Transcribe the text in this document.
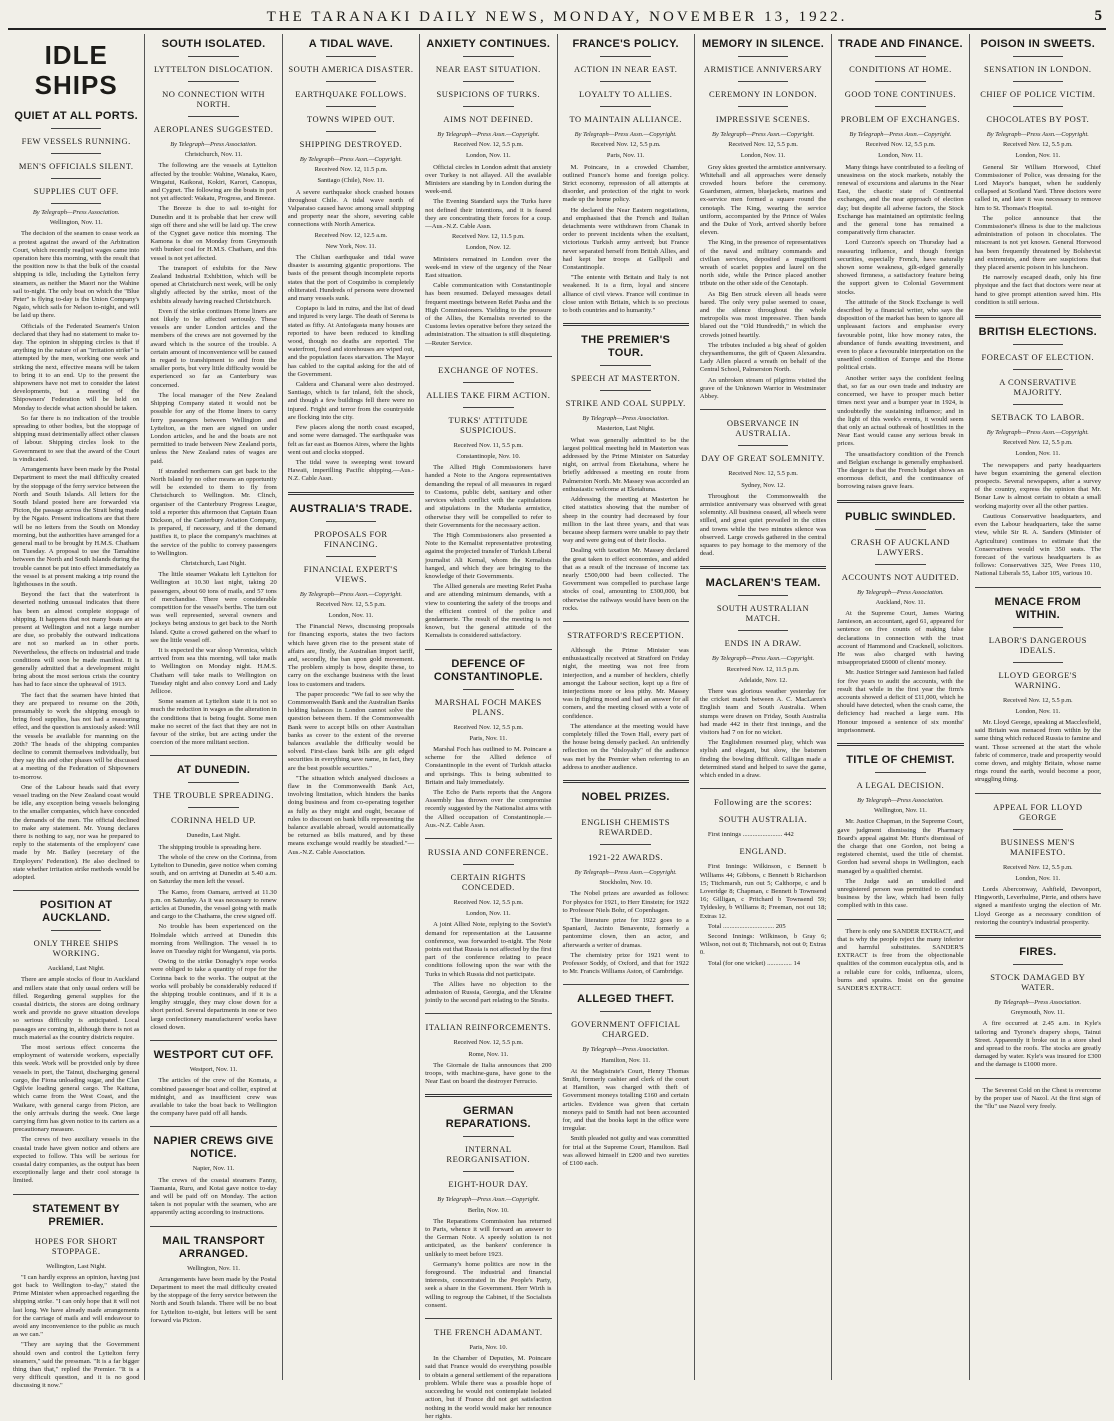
THE TARANAKI DAILY NEWS, MONDAY, NOVEMBER 13, 1922.	5
IDLE SHIPS
QUIET AT ALL PORTS.
FEW VESSELS RUNNING.
MEN'S OFFICIALS SILENT.
SUPPLIES CUT OFF.
By Telegraph—Press Association.
Wellington, Nov. 11.
The decision of the seamen to cease work as a protest against the award of the Arbitration Court, which recently readjust wages came into operation here this morning, with the result that the position now is that the bulk of the coastal shipping is idle, including the Lyttelton ferry steamers, as neither the Maori nor the Wahine sail to-night. The only boat on which the "Blue Peter" is flying to-day is the Union Company's Ngaio, which sails for Nelson to-night, and will be laid up there.
Officials of the Federated Seamen's Union declared that they had no statement to make to-day. The opinion in shipping circles is that if anything in the nature of an "irritation strike" is attempted by the men, working one week and striking the next, effective means will be taken to bring it to an end. Up to the present the shipowners have not met to consider the latest developments, but a meeting of the Shipowners' Federation will be held on Monday to decide what action should be taken.
So far there is no indication of the trouble spreading to other bodies, but the stoppage of shipping must detrimentally affect other classes of labour. Shipping circles look to the Government to see that the award of the Court is vindicated.
Arrangements have been made by the Postal Department to meet the mail difficulty created by the stoppage of the ferry service between the North and South Islands. All letters for the South Island posted here are forwarded via Picton, the passage across the Strait being made by the Ngaio. Present indications are that there will be no letters from the South on Monday morning, but the authorities have arranged for a general mail to be brought by H.M.S. Chatham on Tuesday. A proposal to use the Tamahine between the North and South Islands during the trouble cannot be put into effect immediately as the vessel is at present making a trip round the lighthouses in the south.
Beyond the fact that the waterfront is deserted nothing unusual indicates that there has been an almost complete stoppage of shipping. It happens that not many boats are at present at Wellington and not a large number are due, so probably the outward indications are not so marked as in other ports. Nevertheless, the effects on industrial and trade conditions will soon be made manifest. It is generally admitted that a development might bring about the most serious crisis the country has had to face since the upheaval of 1913.
The fact that the seamen have hinted that they are prepared to resume on the 20th, presumably to work the shipping enough to bring food supplies, has not had a reassuring effect, and the question is anxiously asked: Will the vessels be available for manning on the 20th? The heads of the shipping companies decline to commit themselves individually, but they say this and other phases will be discussed at a meeting of the Federation of Shipowners to-morrow.
One of the Labour heads said that every vessel trading on the New Zealand coast would be idle, any exception being vessels belonging to the smaller companies, which have conceded the demands of the men. The official declined to make any statement. Mr. Young declares there is nothing to say, nor was he prepared to reply to the statements of the employers' case made by Mr. Bailey (secretary of the Employers' Federation). He also declined to state whether irritation strike methods would be adopted.
POSITION AT AUCKLAND.
ONLY THREE SHIPS WORKING.
Auckland, Last Night.
There are ample stocks of flour in Auckland and millers state that only usual orders will be filled. Regarding general supplies for the coastal districts, the stores are doing ordinary work and provide no grave situation develops so serious difficulty is anticipated. Local passages are coming in, although there is not as much material as the country districts require.
The most serious effect concerns the employment of waterside workers, especially this week. Work will be provided only by three vessels in port, the Tainui, discharging general cargo, the Fiona unloading sugar, and the Clan Ogilvie loading general cargo. The Kaituna, which came from the West Coast, and the Waikare, with general cargo from Picton, are the only arrivals during the week. One large carrying firm has given notice to its carters as a precautionary measure.
The crews of two auxiliary vessels in the coastal trade have given notice and others are expected to follow. This will be serious for coastal dairy companies, as the output has been exceptionally large and their cool storage is limited.
STATEMENT BY PREMIER.
HOPES FOR SHORT STOPPAGE.
Wellington, Last Night.
"I can hardly express an opinion, having just got back to Wellington to-day," stated the Prime Minister when approached regarding the shipping strike. "I can only hope that it will not last long. We have already made arrangements for the carriage of mails and will endeavour to avoid any inconvenience to the public as much as we can."
"They are saying that the Government should own and control the Lyttelton ferry steamers," said the pressman. "It is a far bigger thing than that," replied the Premier. "It is a very difficult question, and it is no good discussing it now."
SOUTH ISOLATED.
LYTTELTON DISLOCATION.
NO CONNECTION WITH NORTH.
AEROPLANES SUGGESTED.
By Telegraph—Press Association.
Christchurch, Nov. 11.
The following are the vessels at Lyttelton affected by the trouble: Wahine, Wanaka, Kaeo, Wingatui, Kaikorai, Kokiri, Karori, Canopus, and Cygnet. The following are the boats in port not yet affected: Wakatu, Progress, and Breeze.
The Breeze is due to sail to-night for Dunedin and it is probable that her crew will sign off there and she will be laid up. The crew of the Cygnet gave notice this morning. The Kamona is due on Monday from Greymouth with bunker coal for H.M.S. Chatham, and this vessel is not yet affected.
The transport of exhibits for the New Zealand Industrial Exhibition, which will be opened at Christchurch next week, will be only slightly affected by the strike, most of the exhibits already having reached Christchurch.
Even if the strike continues Home liners are not likely to be affected seriously. These vessels are under London articles and the members of the crews are not governed by the award which is the source of the trouble. A certain amount of inconvenience will be caused in regard to transhipment to and from the smaller ports, but very little difficulty would be experienced so far as Canterbury was concerned.
The local manager of the New Zealand Shipping Company stated it would not be possible for any of the Home liners to carry ferry passengers between Wellington and Lyttelton, as the men are signed on under London articles, and he and the boats are not permitted to trade between New Zealand ports, unless the New Zealand rates of wages are paid.
If stranded northerners can get back to the North Island by no other means an opportunity will be extended to them to fly from Christchurch to Wellington. Mr. Clinch, organiser of the Canterbury Progress League, told a reporter this afternoon that Captain Euan Dickson, of the Canterbury Aviation Company, is prepared, if necessary, and if the demand justifies it, to place the company's machines at the service of the public to convey passengers to Wellington.
Christchurch, Last Night.
The little steamer Wakatu left Lyttelton for Wellington at 10.30 last night, taking 20 passengers, about 60 tons of mails, and 57 tons of merchandise. There were considerable competition for the vessel's berths. The turn out was well represented, several owners and jockeys being anxious to get back to the North Island. Quite a crowd gathered on the wharf to see the little vessel off.
It is expected the war sloop Veronica, which arrived from sea this morning, will take mails to Wellington on Monday night. H.M.S. Chatham will take mails to Wellington on Tuesday night and also convey Lord and Lady Jellicoe.
Some seamen at Lyttelton state it is not so much the reduction in wages as the alteration in the conditions that is being fought. Some men make no secret of the fact that they are not in favour of the strike, but are acting under the coercion of the more militant section.
AT DUNEDIN.
THE TROUBLE SPREADING.
CORINNA HELD UP.
Dunedin, Last Night.
The shipping trouble is spreading here.
The whole of the crew on the Corinna, from Lyttelton to Dunedin, gave notice when coming south, and on arriving at Dunedin at 5.40 a.m. on Saturday the men left the vessel.
The Kamo, from Oamaru, arrived at 11.30 p.m. on Saturday. As it was necessary to renew articles at Dunedin, the vessel going with mails and cargo to the Chathams, the crew signed off.
No trouble has been experienced on the Holmdale which arrived at Dunedin this morning from Wellington. The vessel is to leave on Tuesday night for Wanganui, via ports.
Owing to the strike Donaghy's rope works were obliged to take a quantity of rope for the Corinna back to the works. The output at the works will probably be considerably reduced if the shipping trouble continues, and if it is a lengthy struggle, they may close down for a short period. Several departments in one or two large confectionery manufacturers' works have closed down.
WESTPORT CUT OFF.
Westport, Nov. 11.
The articles of the crew of the Komata, a combined passenger boat and collier, expired at midnight, and as insufficient crew was available to take the boat back to Wellington the company have paid off all hands.
NAPIER CREWS GIVE NOTICE.
Napier, Nov. 11.
The crews of the coastal steamers Fanny, Tasmania, Ruru, and Kotai gave notice to-day and will be paid off on Monday. The action taken is not popular with the seamen, who are apparently acting according to instructions.
MAIL TRANSPORT ARRANGED.
Wellington, Nov. 11.
Arrangements have been made by the Postal Department to meet the mail difficulty created by the stoppage of the ferry service between the North and South Islands. There will be no boat for Lyttelton to-night, but letters will be sent forward via Picton.
A TIDAL WAVE.
SOUTH AMERICA DISASTER.
EARTHQUAKE FOLLOWS.
TOWNS WIPED OUT.
SHIPPING DESTROYED.
By Telegraph—Press Assn.—Copyright.
Received Nov. 12, 11.5 p.m.
Santiago (Chile), Nov. 11.
A severe earthquake shock crashed houses throughout Chile. A tidal wave north of Valparaiso caused havoc among small shipping and property near the shore, severing cable connections with North America.
Received Nov. 12, 12.5 a.m.
New York, Nov. 11.
The Chilian earthquake and tidal wave disaster is assuming gigantic proportions. The basis of the present though incomplete reports states that the port of Coquimbo is completely obliterated. Hundreds of persons were drowned and many vessels sunk.
Copiapo is laid in ruins, and the list of dead and injured is very large. The death of Serena is stated as fifty. At Antofagasta many houses are reported to have been reduced to kindling wood, though no deaths are reported. The waterfront, food and storehouses are wiped out, and the population faces starvation. The Mayor has cabled to the capital asking for the aid of the Government.
Caldera and Chanaral were also destroyed. Santiago, which is far inland, felt the shock, and though a few buildings fell there were no injured. Fright and terror from the countryside are flocking into the city.
Few places along the north coast escaped, and some were damaged. The earthquake was felt as far east as Buenos Aires, where the lights went out and clocks stopped.
The tidal wave is sweeping west toward Hawaii, imperilling Pacific shipping.—Aus.-N.Z. Cable Assn.
AUSTRALIA'S TRADE.
PROPOSALS FOR FINANCING.
FINANCIAL EXPERT'S VIEWS.
By Telegraph—Press Assn.—Copyright.
Received Nov. 12, 5.5 p.m.
London, Nov. 11.
The Financial News, discussing proposals for financing exports, states the two factors which have given rise to the present state of affairs are, firstly, the Australian import tariff, and, secondly, the ban upon gold movement. The problem simply is how, despite these, to carry on the exchange business with the least loss to customers and traders.
The paper proceeds: "We fail to see why the Commonwealth Bank and the Australian Banks holding balances in London cannot solve the question between them. If the Commonwealth Bank were to accept bills on other Australian banks as cover to the extent of the reverse balances available the difficulty would be solved. First-class bank bills are gilt edged securities in everything save name, in fact, they are the best possible securities."
"The situation which analysed discloses a flaw in the Commonwealth Bank Act, involving limitation, which hinders the banks doing business and from co-operating together as fully as they might and ought, because of rules to discount on bank bills representing the balance available abroad, would automatically be returned as bills matured, and by these means exchange would readily be steadied."—Aus.-N.Z. Cable Association.
ANXIETY CONTINUES.
NEAR EAST SITUATION.
SUSPICIONS OF TURKS.
AIMS NOT DEFINED.
By Telegraph—Press Assn.—Copyright.
Received Nov. 12, 5.5 p.m.
London, Nov. 11.
Official circles in London admit that anxiety over Turkey is not allayed. All the available Ministers are standing by in London during the week-end.
The Evening Standard says the Turks have not defined their intentions, and it is feared they are concentrating their forces for a coup.—Aus.-N.Z. Cable Assn.
Received Nov. 12, 11.5 p.m.
London, Nov. 12.
Ministers remained in London over the week-end in view of the urgency of the Near East situation.
Cable communication with Constantinople has been resumed. Delayed messages detail frequent meetings between Refet Pasha and the High Commissioners. Yielding to the pressure of the Allies, the Kemalists reverted to the Customs levies operative before they seized the administration. The situation is still disquieting.—Reuter Service.
EXCHANGE OF NOTES.
ALLIES TAKE FIRM ACTION.
TURKS' ATTITUDE SUSPICIOUS.
Received Nov. 11, 5.5 p.m.
Constantinople, Nov. 10.
The Allied High Commissioners have handed a Note to the Angora representatives demanding the repeal of all measures in regard to Customs, public debt, sanitary and other services which conflict with the capitulations and stipulations in the Mudania armistice, otherwise they will be compelled to refer to their Governments for the necessary action.
The High Commissioners also presented a Note to the Kemalist representative protesting against the projected transfer of Turkish Liberal journalist Ali Kemal, whom the Kemalists hanged, and which they are bringing to the knowledge of their Governments.
The Allied generals are meeting Refet Pasha and are attending minimum demands, with a view to countering the safety of the troops and the efficient control of the police and gendarmerie. The result of the meeting is not known, but the general attitude of the Kemalists is considered satisfactory.
DEFENCE OF CONSTANTINOPLE.
MARSHAL FOCH MAKES PLANS.
Received Nov. 12, 5.5 p.m.
Paris, Nov. 11.
Marshal Foch has outlined to M. Poincare a scheme for the Allied defence of Constantinople in the event of Turkish attacks and uprisings. This is being submitted to Britain and Italy immediately.
The Echo de Paris reports that the Angora Assembly has thrown over the compromise recently suggested by the Nationalist aims with the Allied occupation of Constantinople.—Aus.-N.Z. Cable Assn.
RUSSIA AND CONFERENCE.
CERTAIN RIGHTS CONCEDED.
Received Nov. 12, 5.5 p.m.
London, Nov. 11.
A joint Allied Note, replying to the Soviet's demand for representation at the Lausanne conference, was forwarded to-night. The Note points out that Russia is not affected by the first part of the conference relating to peace conditions following upon the war with the Turks in which Russia did not participate.
The Allies have no objection to the admission of Russia, Georgia, and the Ukraine jointly to the second part relating to the Straits.
ITALIAN REINFORCEMENTS.
Received Nov. 12, 5.5 p.m.
Rome, Nov. 11.
The Giornale de Italia announces that 200 troops, with machine-guns, have gone to the Near East on board the destroyer Ferrucio.
GERMAN REPARATIONS.
INTERNAL REORGANISATION.
EIGHT-HOUR DAY.
By Telegraph—Press Assn.—Copyright.
Berlin, Nov. 10.
The Reparations Commission has returned to Paris, whence it will forward an answer to the German Note. A speedy solution is not anticipated, as the bankers' conference is unlikely to meet before 1923.
Germany's home politics are now in the foreground. The industrial and financial interests, concentrated in the People's Party, seek a share in the Government. Herr Wirth is willing to regroup the Cabinet, if the Socialists consent.
THE FRENCH ADAMANT.
Paris, Nov. 10.
In the Chamber of Deputies, M. Poincare said that France would do everything possible to obtain a general settlement of the reparations problem. While there was a possible hope of succeeding he would not contemplate isolated action, but if France did not get satisfaction nothing in the world would make her renounce her rights.
FRANCE'S POLICY.
ACTION IN NEAR EAST.
LOYALTY TO ALLIES.
TO MAINTAIN ALLIANCE.
By Telegraph—Press Assn.—Copyright.
Received Nov. 12, 5.5 p.m.
Paris, Nov. 11.
M. Poincare, in a crowded Chamber, outlined France's home and foreign policy. Strict economy, repression of all attempts at disorder, and protection of the right to work made up the home policy.
He declared the Near Eastern negotiations, and emphasised that the French and Italian detachments were withdrawn from Chanak in order to prevent incidents when the exultant, victorious Turkish army arrived; but France never separated herself from British Allies, and had kept her troops at Gallipoli and Constantinople.
"The entente with Britain and Italy is not weakened. It is a firm, loyal and sincere alliance of civil views. France will continue in close union with Britain, which is so precious to both countries and to humanity."
THE PREMIER'S TOUR.
SPEECH AT MASTERTON.
STRIKE AND COAL SUPPLY.
By Telegraph—Press Association.
Masterton, Last Night.
What was generally admitted to be the largest political meeting held in Masterton was addressed by the Prime Minister on Saturday night, on arrival from Eketahuna, where he briefly addressed a meeting en route from Palmerston North. Mr. Massey was accorded an enthusiastic welcome at Eketahuna.
Addressing the meeting at Masterton he cited statistics showing that the number of sheep in the country had decreased by four million in the last three years, and that was because sheep farmers were unable to pay their way and were going out of their flocks.
Dealing with taxation Mr. Massey declared the great taken to effect economies, and added that as a result of the increase of income tax nearly £500,000 had been collected. The Government was compelled to purchase large stocks of coal, amounting to £300,000, but otherwise the railways would have been on the rocks.
STRATFORD'S RECEPTION.
Although the Prime Minister was enthusiastically received at Stratford on Friday night, the meeting was not free from interjection, and a number of hecklers, chiefly amongst the Labour section, kept up a fire of interjections more or less pithy. Mr. Massey was in fighting mood and had an answer for all comers, and the meeting closed with a vote of confidence.
The attendance at the meeting would have completely filled the Town Hall, every part of the house being densely packed. An unfriendly reflection on the "disloyalty" of the audience was met by the Premier when referring to an address to another audience.
NOBEL PRIZES.
ENGLISH CHEMISTS REWARDED.
1921-22 AWARDS.
By Telegraph—Press Assn.—Copyright.
Stockholm, Nov. 10.
The Nobel prizes are awarded as follows: For physics for 1921, to Herr Einstein; for 1922 to Professor Niels Bohr, of Copenhagen.
The literature prize for 1922 goes to a Spaniard, Jacinto Benavente, formerly a pantomime clown, then an actor, and afterwards a writer of dramas.
The chemistry prize for 1921 went to Professor Soddy, of Oxford, and that for 1922 to Mr. Francis Williams Aston, of Cambridge.
ALLEGED THEFT.
GOVERNMENT OFFICIAL CHARGED.
By Telegraph—Press Association.
Hamilton, Nov. 11.
At the Magistrate's Court, Henry Thomas Smith, formerly cashier and clerk of the court at Hamilton, was charged with theft of Government moneys totalling £160 and certain articles. Evidence was given that certain moneys paid to Smith had not been accounted for, and that the books kept in the office were irregular.
Smith pleaded not guilty and was committed for trial at the Supreme Court, Hamilton. Bail was allowed himself in £200 and two sureties of £100 each.
MEMORY IN SILENCE.
ARMISTICE ANNIVERSARY
CEREMONY IN LONDON.
IMPRESSIVE SCENES.
By Telegraph—Press Assn.—Copyright.
Received Nov. 12, 5.5 p.m.
London, Nov. 11.
Grey skies greeted the armistice anniversary. Whitehall and all approaches were densely crowded hours before the ceremony. Guardsmen, airmen, bluejackets, marines and ex-service men formed a square round the cenotaph. The King, wearing the service uniform, accompanied by the Prince of Wales and the Duke of York, arrived shortly before eleven.
The King, in the presence of representatives of the naval and military commands and civilian services, deposited a magnificent wreath of scarlet poppies and laurel on the north side, while the Prince placed another tribute on the other side of the Cenotaph.
As Big Ben struck eleven all heads were bared. The only very pulse seemed to cease, and the silence throughout the whole metropolis was most impressive. Then bands blared out the "Old Hundredth," in which the crowds joined heartily.
The tributes included a big sheaf of golden chrysanthemums, the gift of Queen Alexandra. Lady Allen placed a wreath on behalf of the Central School, Palmerston North.
An unbroken stream of pilgrims visited the grave of the Unknown Warrior in Westminster Abbey.
OBSERVANCE IN AUSTRALIA.
DAY OF GREAT SOLEMNITY.
Received Nov. 12, 5.5 p.m.
Sydney, Nov. 12.
Throughout the Commonwealth the armistice anniversary was observed with great solemnity. All business ceased, all wheels were stilled, and great quiet prevailed in the cities and towns while the two minutes silence was observed. Large crowds gathered in the central squares to pay homage to the memory of the dead.
MACLAREN'S TEAM.
SOUTH AUSTRALIAN MATCH.
ENDS IN A DRAW.
By Telegraph—Press Assn.—Copyright.
Received Nov. 12, 11.5 p.m.
Adelaide, Nov. 12.
There was glorious weather yesterday for the cricket match between A. C. MacLaren's English team and South Australia. When stumps were drawn on Friday, South Australia had made 442 in their first innings, and the visitors had 7 on for no wicket.
The Englishmen resumed play, which was stylish and elegant, but slow, the batsmen finding the bowling difficult. Gilligan made a determined stand and helped to save the game, which ended in a draw.
Following are the scores:
SOUTH AUSTRALIA.
First innings ........................ 442
ENGLAND.
First Innings: Wilkinson, c Bennett b Williams 44; Gibbons, c Bennett b Richardson 15; Titchmarsh, run out 5; Calthorpe, c and b Loveridge 8; Chapman, c Bennett b Townsend 16; Gilligan, c Pritchard b Townsend 59; Tyldesley, b Williams 8; Freeman, not out 18; Extras 12.
Total ............................... 205
Second Innings: Wilkinson, b Gray 6; Wilson, not out 8; Titchmarsh, not out 0; Extras 0.
Total (for one wicket) ............... 14
TRADE AND FINANCE.
CONDITIONS AT HOME.
GOOD TONE CONTINUES.
PROBLEM OF EXCHANGES.
By Telegraph—Press Assn.—Copyright.
Received Nov. 12, 5.5 p.m.
London, Nov. 11.
Many things have contributed to a feeling of uneasiness on the stock markets, notably the renewal of excursions and alarums in the Near East, the chaotic state of Continental exchanges, and the near approach of election day; but despite all adverse factors, the Stock Exchange has maintained an optimistic feeling and the general tone has remained a comparatively firm character.
Lord Curzon's speech on Thursday had a reassuring influence, and though foreign securities, especially French, have naturally shown some weakness, gilt-edged generally showed firmness, a satisfactory feature being the support given to Colonial Government stocks.
The attitude of the Stock Exchange is well described by a financial writer, who says the disposition of the market has been to ignore all unpleasant factors and emphasise every favourable point, like how money rates, the abundance of funds awaiting investment, and even to place a favourable interpretation on the unsettled condition of Europe and the Home political crisis.
Another writer says the confident feeling that, so far as our own trade and industry are concerned, we have to prosper much better times next year and a bumper year in 1924, is undoubtedly the sustaining influence; and in the light of this week's events, it would seem that only an actual outbreak of hostilities in the Near East would cause any serious break in prices.
The unsatisfactory condition of the French and Belgian exchange is generally emphasised. The danger is that the French budget shows an enormous deficit, and the continuance of borrowing raises grave fears.
PUBLIC SWINDLED.
CRASH OF AUCKLAND LAWYERS.
ACCOUNTS NOT AUDITED.
By Telegraph—Press Association.
Auckland, Nov. 11.
At the Supreme Court, James Waring Jamieson, an accountant, aged 61, appeared for sentence on five counts of making false declarations in connection with the trust account of Hammond and Cracknell, solicitors. He was also charged with having misappropriated £6000 of clients' money.
Mr. Justice Stringer said Jamieson had failed for five years to audit the accounts, with the result that while in the first year the firm's accounts showed a deficit of £11,000, which he should have detected, when the crash came, the deficiency had reached a large sum. His Honour imposed a sentence of six months' imprisonment.
TITLE OF CHEMIST.
A LEGAL DECISION.
By Telegraph—Press Association.
Wellington, Nov. 11.
Mr. Justice Chapman, in the Supreme Court, gave judgment dismissing the Pharmacy Board's appeal against Mr. Hunt's dismissal of the charge that one Gordon, not being a registered chemist, used the title of chemist. Gordon had several shops in Wellington, each managed by a qualified chemist.
The Judge said an unskilled and unregistered person was permitted to conduct business by the law, which had been fully complied with in this case.
There is only one SANDER EXTRACT, and that is why the people reject the many inferior and harmful substitutes. SANDER'S EXTRACT is free from the objectionable qualities of the common eucalyptus oils, and is a reliable cure for colds, influenza, ulcers, burns and sprains. Insist on the genuine SANDER'S EXTRACT.
POISON IN SWEETS.
SENSATION IN LONDON.
CHIEF OF POLICE VICTIM.
CHOCOLATES BY POST.
By Telegraph—Press Assn.—Copyright.
Received Nov. 12, 5.5 p.m.
London, Nov. 11.
General Sir William Horwood, Chief Commissioner of Police, was dressing for the Lord Mayor's banquet, when he suddenly collapsed at Scotland Yard. Three doctors were called in, and later it was necessary to remove him to St. Thomas's Hospital.
The police announce that the Commissioner's illness is due to the malicious administration of poison in chocolates. The miscreant is not yet known. General Horwood has been frequently threatened by Bolshevist and extremists, and there are suspicions that they placed arsenic poison in his luncheon.
He narrowly escaped death, only his fine physique and the fact that doctors were near at hand to give prompt attention saved him. His condition is still serious.
BRITISH ELECTIONS.
FORECAST OF ELECTION.
A CONSERVATIVE MAJORITY.
SETBACK TO LABOR.
By Telegraph—Press Assn.—Copyright.
Received Nov. 12, 5.5 p.m.
London, Nov. 11.
The newspapers and party headquarters have begun examining the general election prospects. Several newspapers, after a survey of the country, express the opinion that Mr. Bonar Law is almost certain to obtain a small working majority over all the other parties.
Cautious Conservative headquarters, and even the Labour headquarters, take the same view, while Sir R. A. Sanders (Minister of Agriculture) continues to estimate that the Conservatives would win 350 seats. The forecast of the various headquarters is as follows: Conservatives 325, Wee Frees 110, National Liberals 55, Labor 105, various 10.
MENACE FROM WITHIN.
LABOR'S DANGEROUS IDEALS.
LLOYD GEORGE'S WARNING.
Received Nov. 12, 5.5 p.m.
London, Nov. 11.
Mr. Lloyd George, speaking at Macclesfield, said Britain was menaced from within by the same thing which reduced Russia to famine and want. Those screened at the start the whole fabric of commerce, trade and prosperity would come down, and mighty Britain, whose name rings round the earth, would become a poor, struggling thing.
APPEAL FOR LLOYD GEORGE
BUSINESS MEN'S MANIFESTO.
Received Nov. 12, 5.5 p.m.
London, Nov. 11.
Lords Aberconway, Ashfield, Devonport, Hingworth, Leverhulme, Pirrie, and others have signed a manifesto urging the election of Mr. Lloyd George as a necessary condition of restoring the country's industrial prosperity.
FIRES.
STOCK DAMAGED BY WATER.
By Telegraph—Press Association.
Greymouth, Nov. 11.
A fire occurred at 2.45 a.m. in Kyle's tailoring and Tyrone's drapery shops, Tainui Street. Apparently it broke out in a store shed and spread to the roofs. The stocks are greatly damaged by water. Kyle's was insured for £300 and the damage is £1000 more.
The Severest Cold on the Chest is overcome by the proper use of Nazol. At the first sign of the "flu" use Nazol very freely.
